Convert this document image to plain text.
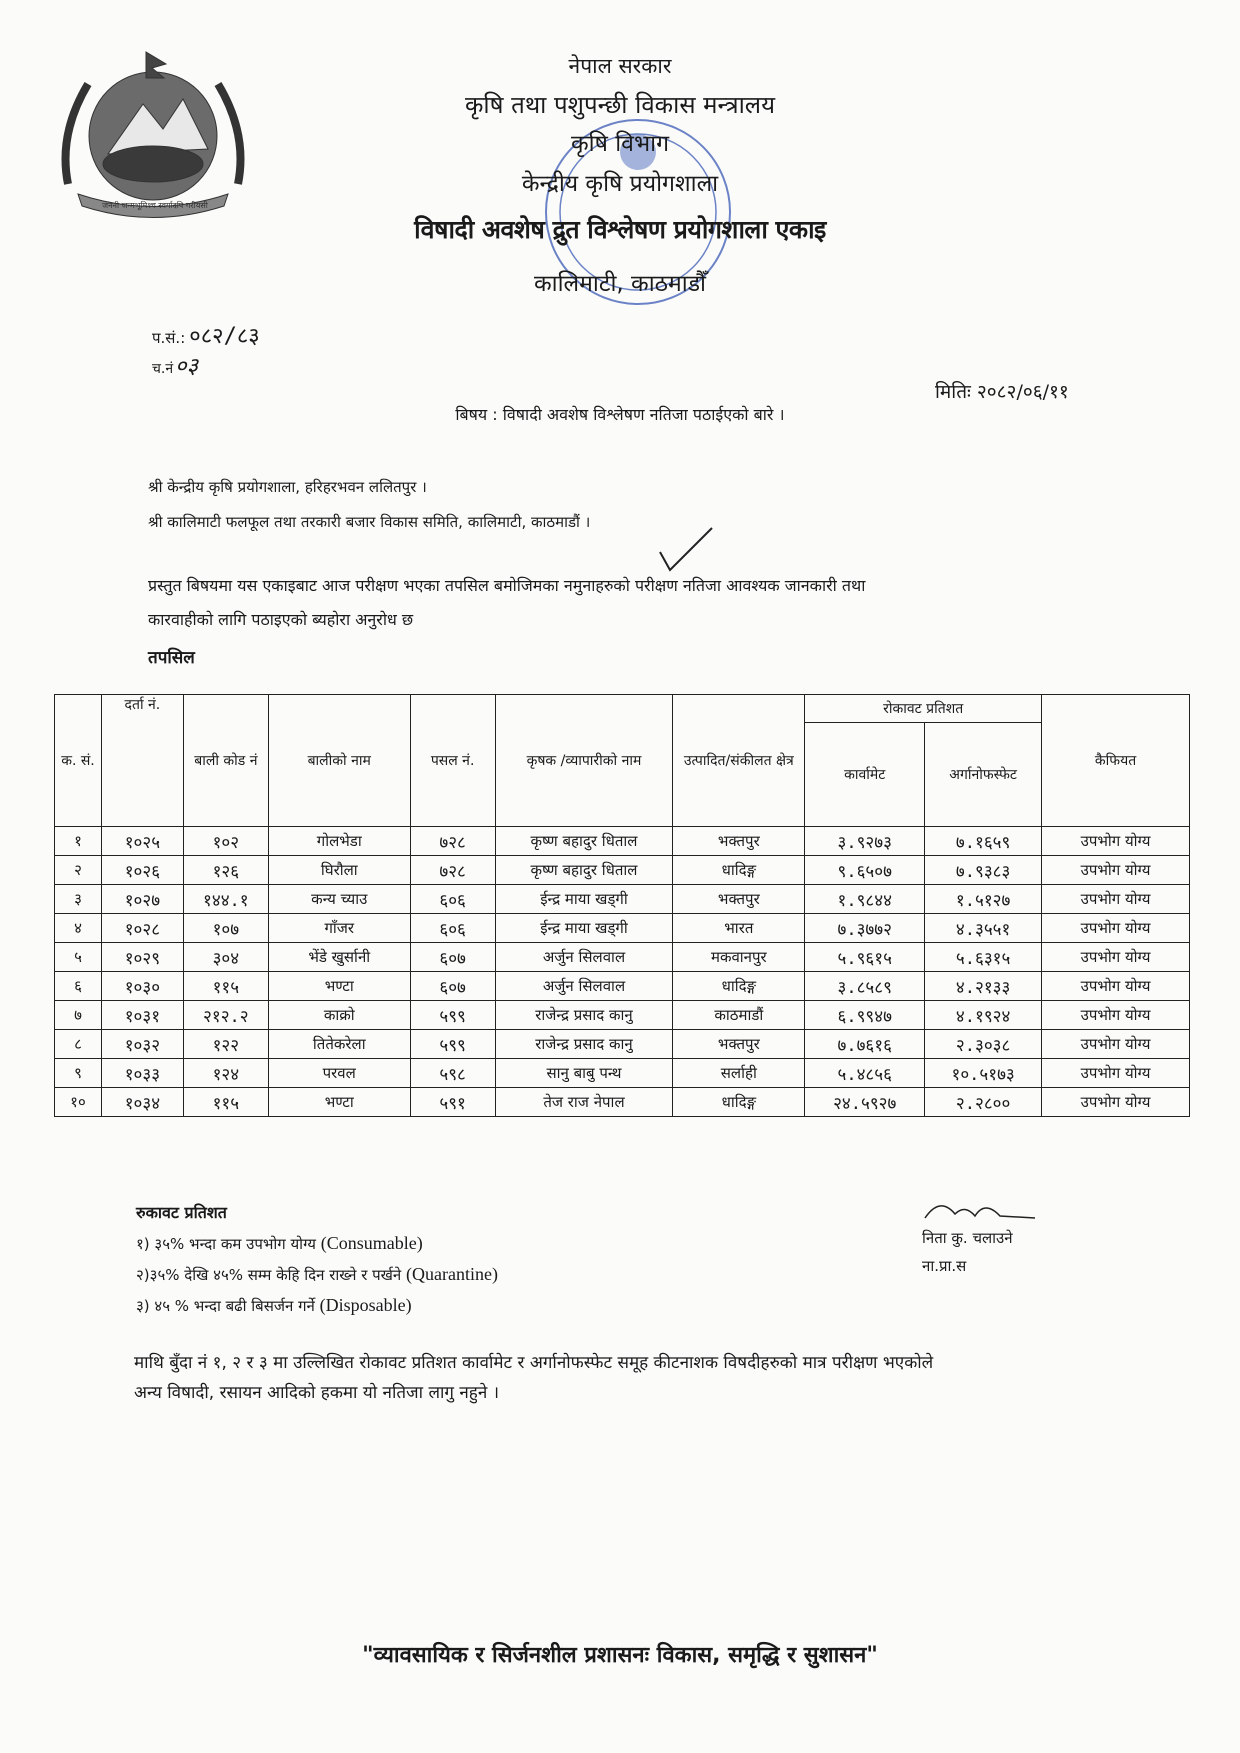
जननी जन्मभूमिश्च स्वर्गादपि गरीयसी
नेपाल सरकार
कृषि तथा पशुपन्छी विकास मन्त्रालय
कृषि विभाग
केन्द्रीय कृषि प्रयोगशाला
विषादी अवशेष द्रुत विश्लेषण प्रयोगशाला एकाइ
कालिमाटी, काठमाडौँ
प.सं.: ०८२/८३
च.नं०३
मितिः २०८२/०६/११
बिषय : विषादी अवशेष विश्लेषण नतिजा पठाईएको बारे ।
श्री केन्द्रीय कृषि प्रयोगशाला, हरिहरभवन ललितपुर ।
श्री कालिमाटी फलफूल तथा तरकारी बजार विकास समिति, कालिमाटी, काठमाडौं ।
प्रस्तुत बिषयमा यस एकाइबाट आज परीक्षण भएका तपसिल बमोजिमका नमुनाहरुको परीक्षण नतिजा आवश्यक जानकारी तथा
कारवाहीको लागि पठाइएको ब्यहोरा अनुरोध छ
तपसिल
क. सं.	दर्ता नं.	बाली कोड नं	बालीको नाम	पसल नं.	कृषक /व्यापारीको नाम	उत्पादित/संकीलत क्षेत्र	रोकावट प्रतिशत		कैफियत
							कार्वामेट	अर्गानोफस्फेट	
१	१०२५	१०२	गोलभेडा	७२८	कृष्ण बहादुर धिताल	भक्तपुर	३.९२७३	७.१६५९	उपभोग योग्य
२	१०२६	१२६	घिरौला	७२८	कृष्ण बहादुर धिताल	धादिङ्ग	९.६५०७	७.९३८३	उपभोग योग्य
३	१०२७	१४४.१	कन्य च्याउ	६०६	ईन्द्र माया खड्गी	भक्तपुर	१.९८४४	१.५१२७	उपभोग योग्य
४	१०२८	१०७	गाँजर	६०६	ईन्द्र माया खड्गी	भारत	७.३७७२	४.३५५१	उपभोग योग्य
५	१०२९	३०४	भेंडे खुर्सानी	६०७	अर्जुन सिलवाल	मकवानपुर	५.९६१५	५.६३१५	उपभोग योग्य
६	१०३०	११५	भण्टा	६०७	अर्जुन सिलवाल	धादिङ्ग	३.८५८९	४.२१३३	उपभोग योग्य
७	१०३१	२१२.२	काक्रो	५९९	राजेन्द्र प्रसाद कानु	काठमाडौं	६.९९४७	४.१९२४	उपभोग योग्य
८	१०३२	१२२	तितेकरेला	५९९	राजेन्द्र प्रसाद कानु	भक्तपुर	७.७६१६	२.३०३८	उपभोग योग्य
९	१०३३	१२४	परवल	५९८	सानु बाबु पन्थ	सर्लाही	५.४८५६	१०.५१७३	उपभोग योग्य
१०	१०३४	११५	भण्टा	५९१	तेज राज नेपाल	धादिङ्ग	२४.५९२७	२.२८००	उपभोग योग्य
रुकावट प्रतिशत
१) ३५% भन्दा कम उपभोग योग्य (Consumable)
२)३५% देखि ४५% सम्म केहि दिन राख्ने र पर्खने (Quarantine)
३) ४५ % भन्दा बढी बिसर्जन गर्ने (Disposable)
निता कु. चलाउने
ना.प्रा.स
माथि बुँदा नं १, २ र ३ मा उल्लिखित रोकावट प्रतिशत कार्वामेट र अर्गानोफस्फेट समूह कीटनाशक विषदीहरुको मात्र परीक्षण भएकोले
अन्य विषादी, रसायन आदिको हकमा यो नतिजा लागु नहुने ।
"व्यावसायिक र सिर्जनशील प्रशासनः विकास, समृद्धि र सुशासन"
